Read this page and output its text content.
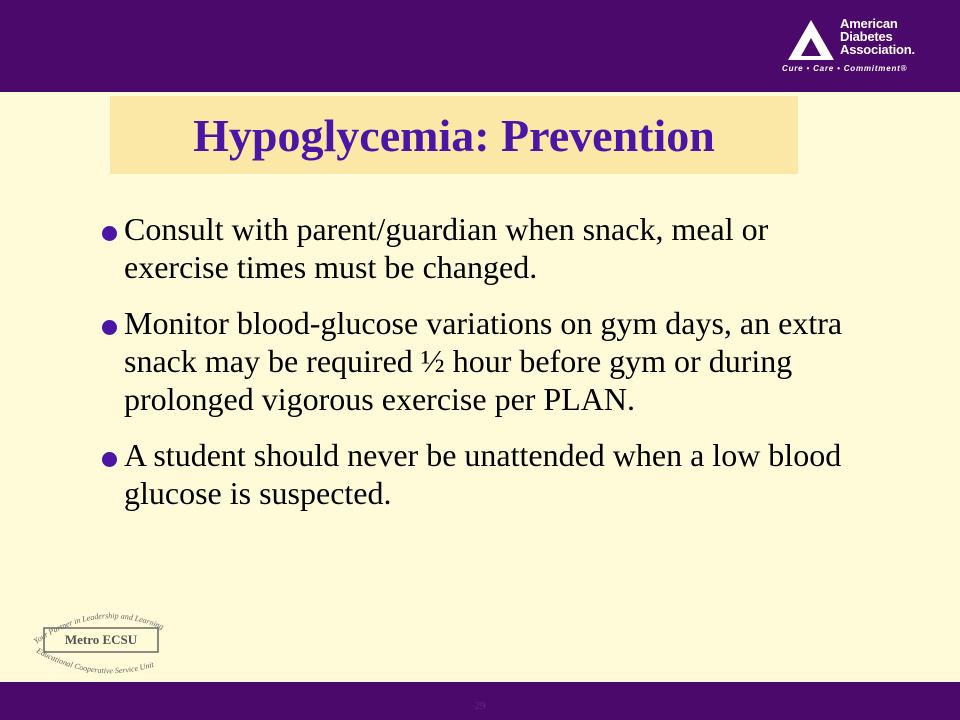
American
Diabetes
Association.
Cure • Care • Commitment®
Hypoglycemia: Prevention
Consult with parent/guardian when snack, meal or exercise times must be changed.
Monitor blood-glucose variations on gym days, an extra snack may be required ½ hour before gym or during prolonged vigorous exercise per PLAN.
A student should never be unattended when a low blood glucose is suspected.
Your Partner in Leadership and Learning
Educational Cooperative Service Unit
Metro ECSU
29
